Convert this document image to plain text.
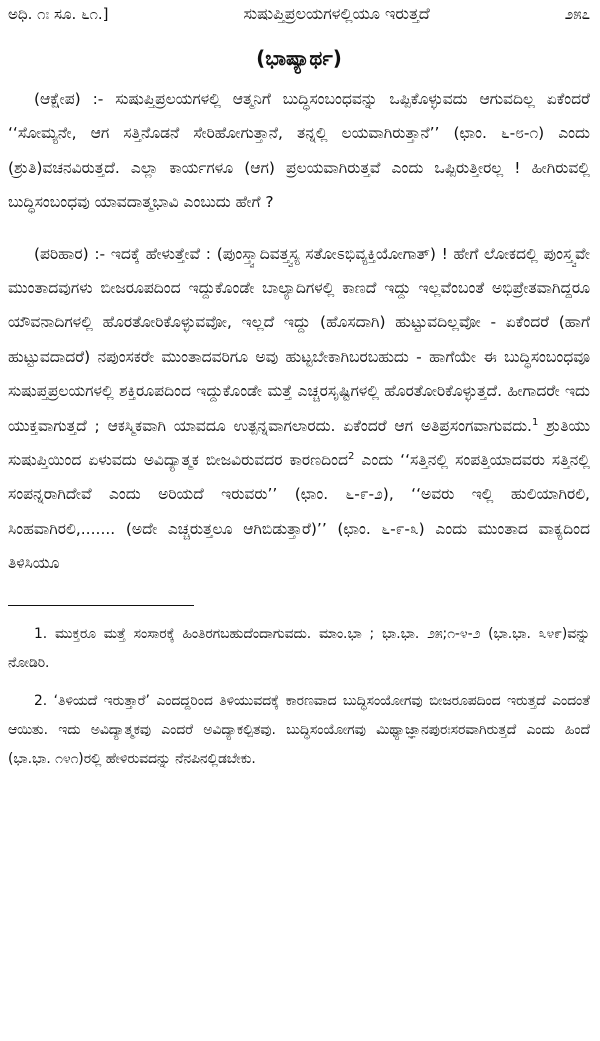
ಅಧಿ. ೧ಃ ಸೂ. ೬೧.]	ಸುಷುಪ್ತಿಪ್ರಲಯಗಳಲ್ಲಿಯೂ ಇರುತ್ತದೆ	೨೫೭
(ಭಾಷ್ಯಾರ್ಥ)

(ಆಕ್ಷೇಪ) :- ಸುಷುಪ್ತಿಪ್ರಲಯಗಳಲ್ಲಿ ಆತ್ಮನಿಗೆ ಬುದ್ಧಿಸಂಬಂಧವನ್ನು ಒಪ್ಪಿಕೊಳ್ಳುವದು ಆಗುವದಿಲ್ಲ ಏಕೆಂದರೆ ‘‘ಸೋಮ್ಯನೇ, ಆಗ ಸತ್ತಿನೊಡನೆ ಸೇರಿಹೋಗುತ್ತಾನೆ, ತನ್ನಲ್ಲಿ ಲಯವಾಗಿರುತ್ತಾನೆ’’ (ಛಾಂ. ೬-೮-೧) ಎಂದು (ಶ್ರುತಿ)ವಚನವಿರುತ್ತದೆ. ಎಲ್ಲಾ ಕಾರ್ಯಗಳೂ (ಆಗ) ಪ್ರಲಯವಾಗಿರುತ್ತವೆ ಎಂದು ಒಪ್ಪಿರುತ್ತೀರಲ್ಲ ! ಹೀಗಿರುವಲ್ಲಿ ಬುದ್ಧಿಸಂಬಂಧವು ಯಾವದಾತ್ಮಭಾವಿ ಎಂಬುದು ಹೇಗೆ ?

(ಪರಿಹಾರ) :- ಇದಕ್ಕೆ ಹೇಳುತ್ತೇವೆ : (ಪುಂಸ್ತ್ವಾದಿವತ್ತ್ವಸ್ಯ ಸತೋಽಭಿವ್ಯಕ್ತಿಯೋಗಾತ್) ! ಹೇಗೆ ಲೋಕದಲ್ಲಿ ಪುಂಸ್ತ್ವವೇ ಮುಂತಾದವುಗಳು ಬೀಜರೂಪದಿಂದ ಇದ್ದುಕೊಂಡೇ ಬಾಲ್ಯಾದಿಗಳಲ್ಲಿ ಕಾಣದೆ ಇದ್ದು ಇಲ್ಲವೆಂಬಂತೆ ಅಭಿಪ್ರೇತವಾಗಿದ್ದರೂ ಯೌವನಾದಿಗಳಲ್ಲಿ ಹೊರತೋರಿಕೊಳ್ಳುವವೋ, ಇಲ್ಲದೆ ಇದ್ದು (ಹೊಸದಾಗಿ) ಹುಟ್ಟುವದಿಲ್ಲವೋ - ಏಕೆಂದರೆ (ಹಾಗೆ ಹುಟ್ಟುವದಾದರೆ) ನಪುಂಸಕರೇ ಮುಂತಾದವರಿಗೂ ಅವು ಹುಟ್ಟಬೇಕಾಗಿಬರಬಹುದು - ಹಾಗೆಯೇ ಈ ಬುದ್ಧಿಸಂಬಂಧವೂ ಸುಷುಪ್ತಪ್ರಲಯಗಳಲ್ಲಿ ಶಕ್ತಿರೂಪದಿಂದ ಇದ್ದುಕೊಂಡೇ ಮತ್ತೆ ಎಚ್ಚರಸೃಷ್ಟಿಗಳಲ್ಲಿ ಹೊರತೋರಿಕೊಳ್ಳುತ್ತದೆ. ಹೀಗಾದರೇ ಇದು ಯುಕ್ತವಾಗುತ್ತದೆ ; ಆಕಸ್ಮಿಕವಾಗಿ ಯಾವದೂ ಉತ್ಪನ್ನವಾಗಲಾರದು. ಏಕೆಂದರೆ ಆಗ ಅತಿಪ್ರಸಂಗವಾಗುವದು.$^1$ ಶ್ರುತಿಯು ಸುಷುಪ್ತಿಯಿಂದ ಏಳುವದು ಅವಿದ್ಯಾತ್ಮಕ ಬೀಜವಿರುವದರ ಕಾರಣದಿಂದ$^2$ ಎಂದು ‘‘ಸತ್ತಿನಲ್ಲಿ ಸಂಪತ್ತಿಯಾದವರು ಸತ್ತಿನಲ್ಲಿ ಸಂಪನ್ನರಾಗಿದೇವೆ ಎಂದು ಅರಿಯದೆ ಇರುವರು’’ (ಛಾಂ. ೬-೯-೨), ‘‘ಅವರು ಇಲ್ಲಿ ಹುಲಿಯಾಗಿರಲಿ, ಸಿಂಹವಾಗಿರಲಿ,....... (ಅದೇ ಎಚ್ಚರುತ್ತಲೂ ಆಗಿಬಿಡುತ್ತಾರೆ)’’ (ಛಾಂ. ೬-೯-೩) ಎಂದು ಮುಂತಾದ ವಾಕ್ಯದಿಂದ ತಿಳಿಸಿಯೂ

1. ಮುಕ್ತರೂ ಮತ್ತೆ ಸಂಸಾರಕ್ಕೆ ಹಿಂತಿರಗಬಹುದೆಂದಾಗುವದು. ಮಾಂ.ಭಾ ; ಭಾ.ಭಾ. ೨೫;೧-೪-೨ (ಭಾ.ಭಾ. ೩೪೯)ವನ್ನು ನೋಡಿರಿ.

2. ‘ತಿಳಿಯದೆ ಇರುತ್ತಾರೆ’ ಎಂದದ್ದರಿಂದ ತಿಳಿಯುವದಕ್ಕೆ ಕಾರಣವಾದ ಬುದ್ಧಿಸಂಯೋಗವು ಬೀಜರೂಪದಿಂದ ಇರುತ್ತದೆ ಎಂದಂತೆ ಆಯಿತು. ಇದು ಅವಿದ್ಯಾತ್ಮಕವು ಎಂದರೆ ಅವಿದ್ಯಾಕಲ್ಪಿತವು. ಬುದ್ಧಿಸಂಯೋಗವು ಮಿಥ್ಯಾಜ್ಞಾನಪುರಃಸರವಾಗಿರುತ್ತದೆ ಎಂದು ಹಿಂದೆ (ಭಾ.ಭಾ. ೧೪೧)ರಲ್ಲಿ ಹೇಳಿರುವದನ್ನು ನೆನಪಿನಲ್ಲಿಡಬೇಕು.
